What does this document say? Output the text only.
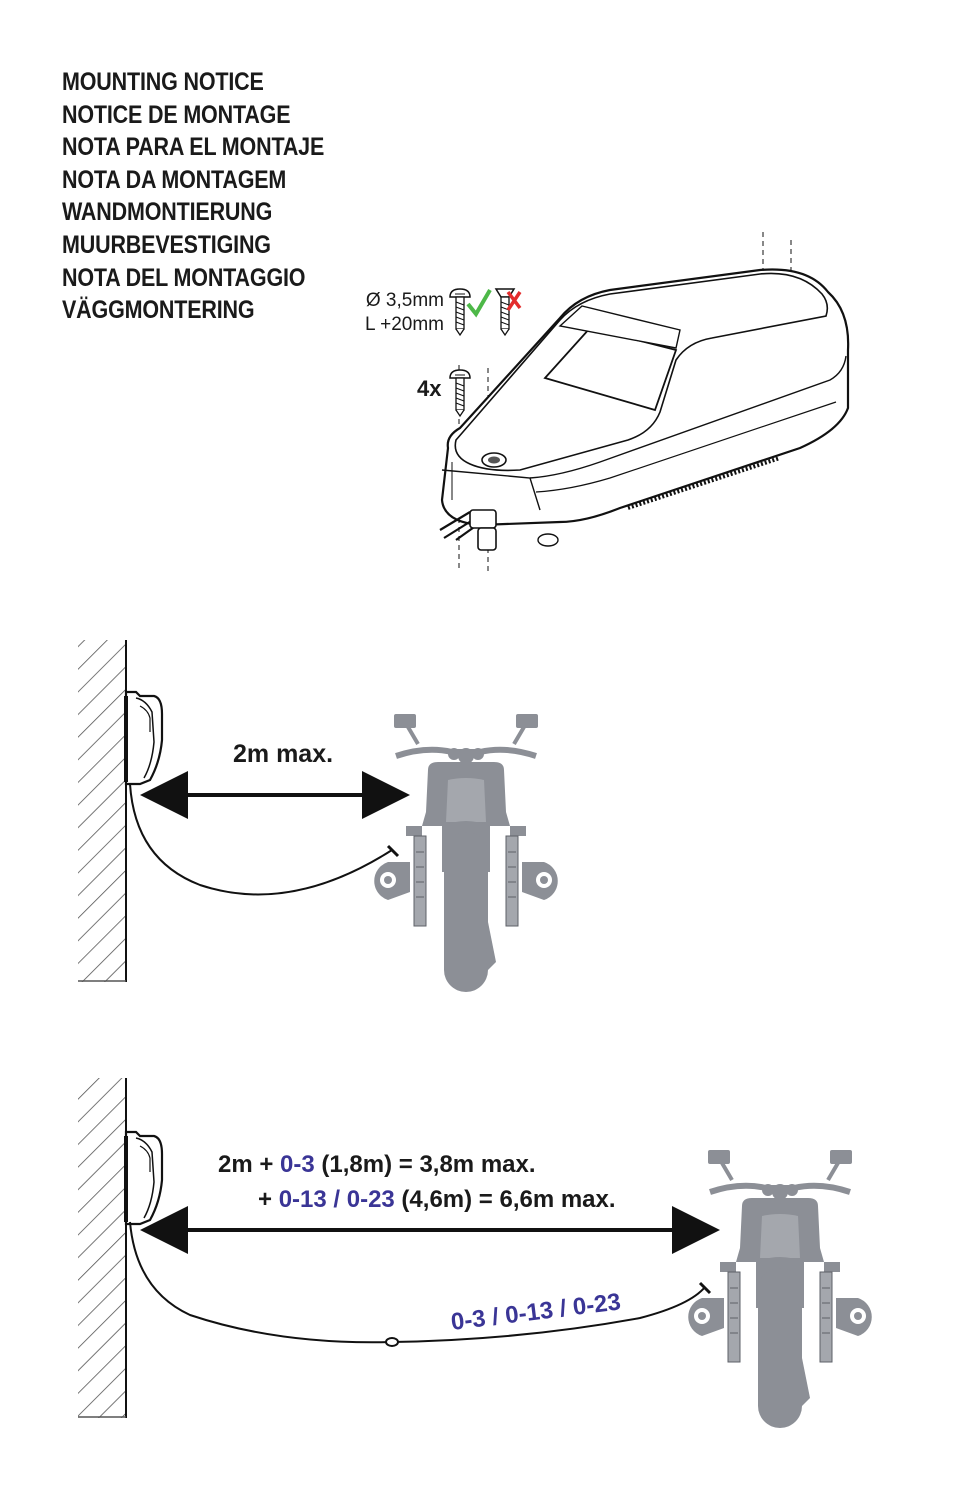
MOUNTING NOTICE
NOTICE DE MONTAGE
NOTA PARA EL MONTAJE
NOTA DA MONTAGEM
WANDMONTIERUNG
MUURBEVESTIGING
NOTA DEL MONTAGGIO
VÄGGMONTERING	Ø 3,5mm
L +20mm
4x
2m max.
2m + 0-3 (1,8m) = 3,8m max.
+ 0-13 / 0-23 (4,6m) = 6,6m max.
0-3 / 0-13 / 0-23
